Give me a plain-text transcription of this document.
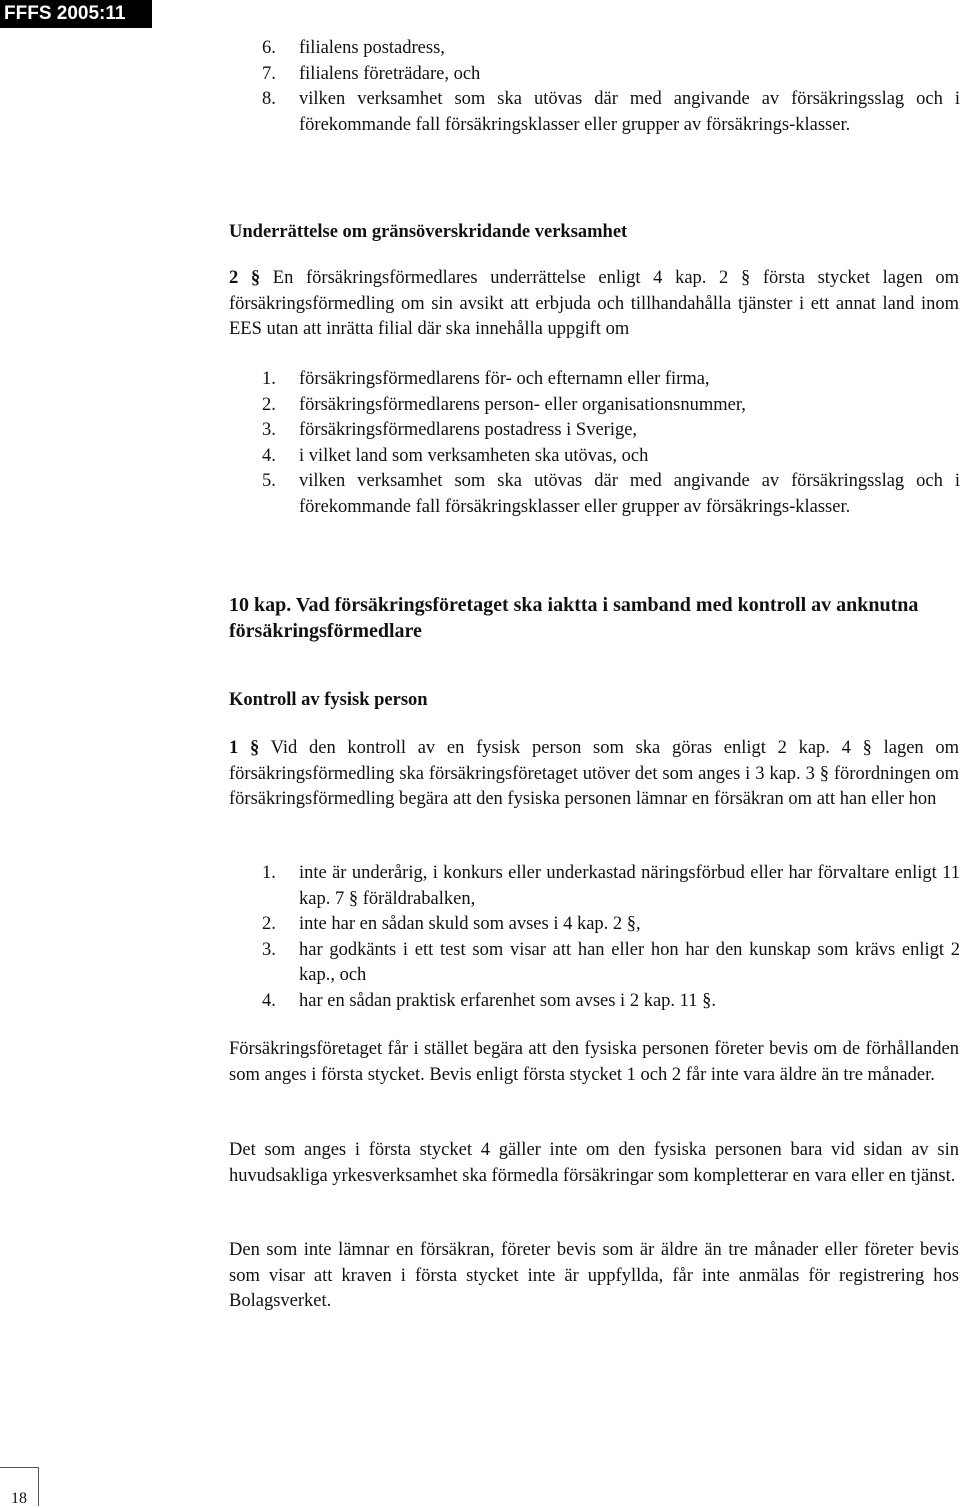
FFFS 2005:11
6.	filialens postadress,
7.	filialens företrädare, och
8.	vilken verksamhet som ska utövas där med angivande av försäkringsslag och i förekommande fall försäkringsklasser eller grupper av försäkrings-klasser.
Underrättelse om gränsöverskridande verksamhet

2 § En försäkringsförmedlares underrättelse enligt 4 kap. 2 § första stycket lagen om försäkringsförmedling om sin avsikt att erbjuda och tillhandahålla tjänster i ett annat land inom EES utan att inrätta filial där ska innehålla uppgift om

1. försäkringsförmedlarens för- och efternamn eller firma,
2. försäkringsförmedlarens person- eller organisationsnummer,
3. försäkringsförmedlarens postadress i Sverige,
4. i vilket land som verksamheten ska utövas, och
5. vilken verksamhet som ska utövas där med angivande av försäkringsslag och i förekommande fall försäkringsklasser eller grupper av försäkrings-klasser.
10 kap. Vad försäkringsföretaget ska iaktta i samband med kontroll av anknutna försäkringsförmedlare
Kontroll av fysisk person

1 § Vid den kontroll av en fysisk person som ska göras enligt 2 kap. 4 § lagen om försäkringsförmedling ska försäkringsföretaget utöver det som anges i 3 kap. 3 § förordningen om försäkringsförmedling begära att den fysiska personen lämnar en försäkran om att han eller hon

1. inte är underårig, i konkurs eller underkastad näringsförbud eller har förvaltare enligt 11 kap. 7 § föräldrabalken,
2. inte har en sådan skuld som avses i 4 kap. 2 §,
3. har godkänts i ett test som visar att han eller hon har den kunskap som krävs enligt 2 kap., och
4. har en sådan praktisk erfarenhet som avses i 2 kap. 11 §.

Försäkringsföretaget får i stället begära att den fysiska personen företer bevis om de förhållanden som anges i första stycket. Bevis enligt första stycket 1 och 2 får inte vara äldre än tre månader.

Det som anges i första stycket 4 gäller inte om den fysiska personen bara vid sidan av sin huvudsakliga yrkesverksamhet ska förmedla försäkringar som kompletterar en vara eller en tjänst.

Den som inte lämnar en försäkran, företer bevis som är äldre än tre månader eller företer bevis som visar att kraven i första stycket inte är uppfyllda, får inte anmälas för registrering hos Bolagsverket.

18
